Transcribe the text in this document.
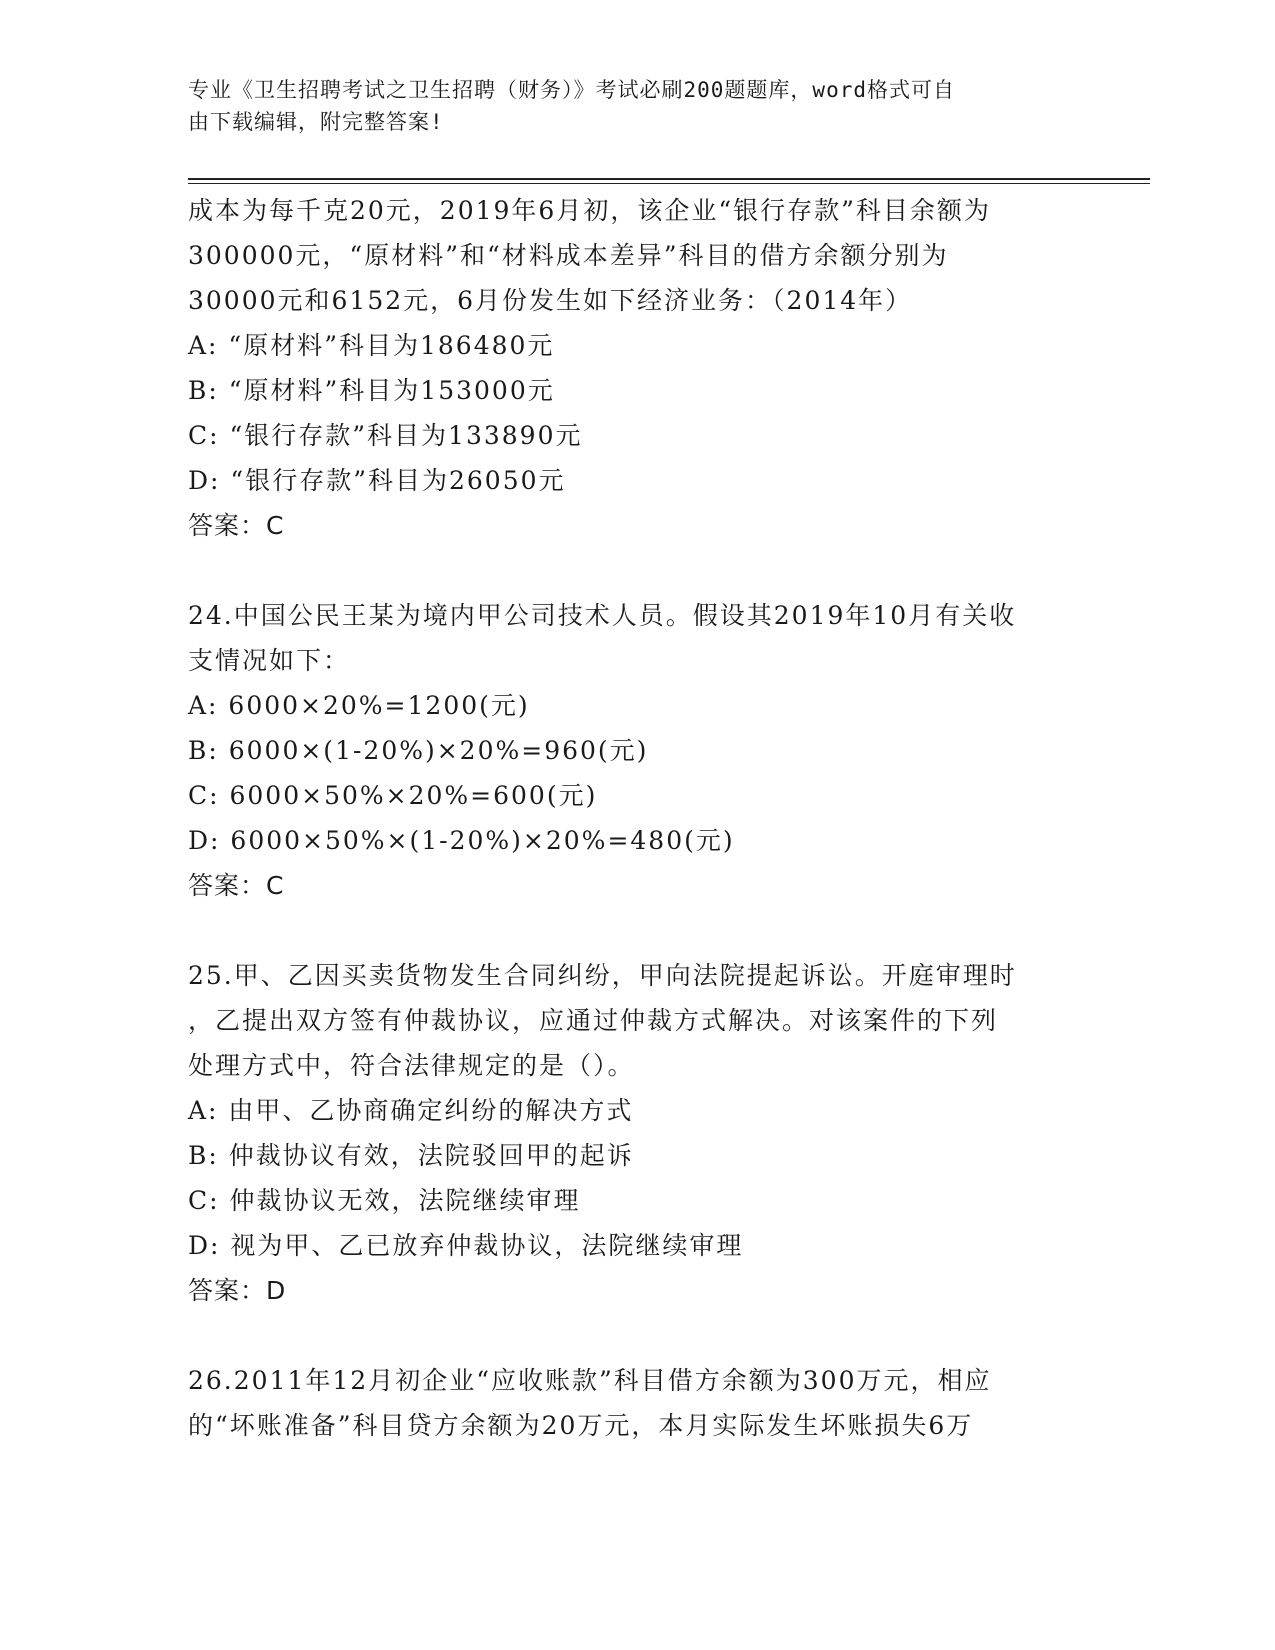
专业《卫生招聘考试之卫生招聘（财务）》考试必刷200题题库，word格式可自
由下载编辑，附完整答案!
成本为每千克20元，2019年6月初，该企业“银行存款”科目余额为
300000元，“原材料”和“材料成本差异”科目的借方余额分别为
30000元和6152元，6月份发生如下经济业务：（2014年）
A: “原材料”科目为186480元
B: “原材料”科目为153000元
C: “银行存款”科目为133890元
D: “银行存款”科目为26050元
答案：C
24.中国公民王某为境内甲公司技术人员。假设其2019年10月有关收
支情况如下：
A: 6000×20%=1200(元)
B: 6000×(1-20%)×20%=960(元)
C: 6000×50%×20%=600(元)
D: 6000×50%×(1-20%)×20%=480(元)
答案：C
25.甲、乙因买卖货物发生合同纠纷，甲向法院提起诉讼。开庭审理时
，乙提出双方签有仲裁协议，应通过仲裁方式解决。对该案件的下列
处理方式中，符合法律规定的是（）。
A: 由甲、乙协商确定纠纷的解决方式
B: 仲裁协议有效，法院驳回甲的起诉
C: 仲裁协议无效，法院继续审理
D: 视为甲、乙已放弃仲裁协议，法院继续审理
答案：D
26.2011年12月初企业“应收账款”科目借方余额为300万元，相应
的“坏账准备”科目贷方余额为20万元，本月实际发生坏账损失6万
